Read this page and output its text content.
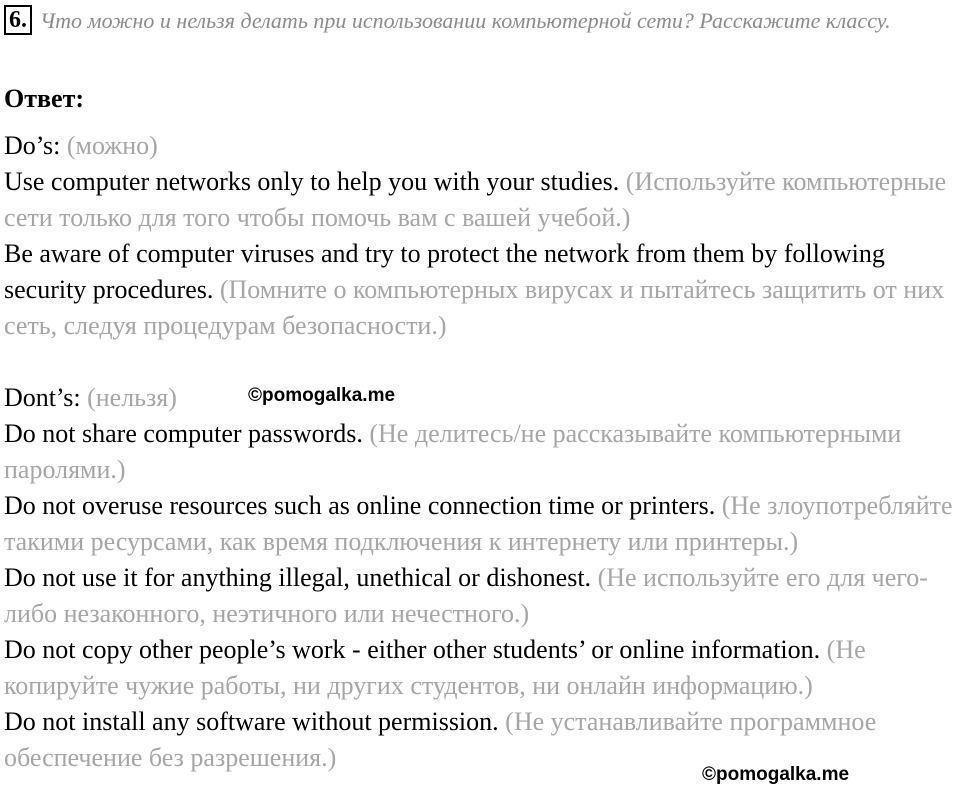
6. Что можно и нельзя делать при использовании компьютерной сети? Расскажите классу.
Ответ:

Do’s: (можно)

Use computer networks only to help you with your studies. (Используйте компьютерные сети только для того чтобы помочь вам с вашей учебой.)

Be aware of computer viruses and try to protect the network from them by following security procedures. (Помните о компьютерных вирусах и пытайтесь защитить от них сеть, следуя процедурам безопасности.)

Dont’s: (нельзя)

Do not share computer passwords. (Не делитесь/не рассказывайте компьютерными паролями.)

Do not overuse resources such as online connection time or printers. (Не злоупотребляйте такими ресурсами, как время подключения к интернету или принтеры.)

Do not use it for anything illegal, unethical or dishonest. (Не используйте его для чего-либо незаконного, неэтичного или нечестного.)

Do not copy other people’s work - either other students’ or online information. (Не копируйте чужие работы, ни других студентов, ни онлайн информацию.)

Do not install any software without permission. (Не устанавливайте программное обеспечение без разрешения.)

©pomogalka.me
©pomogalka.me
